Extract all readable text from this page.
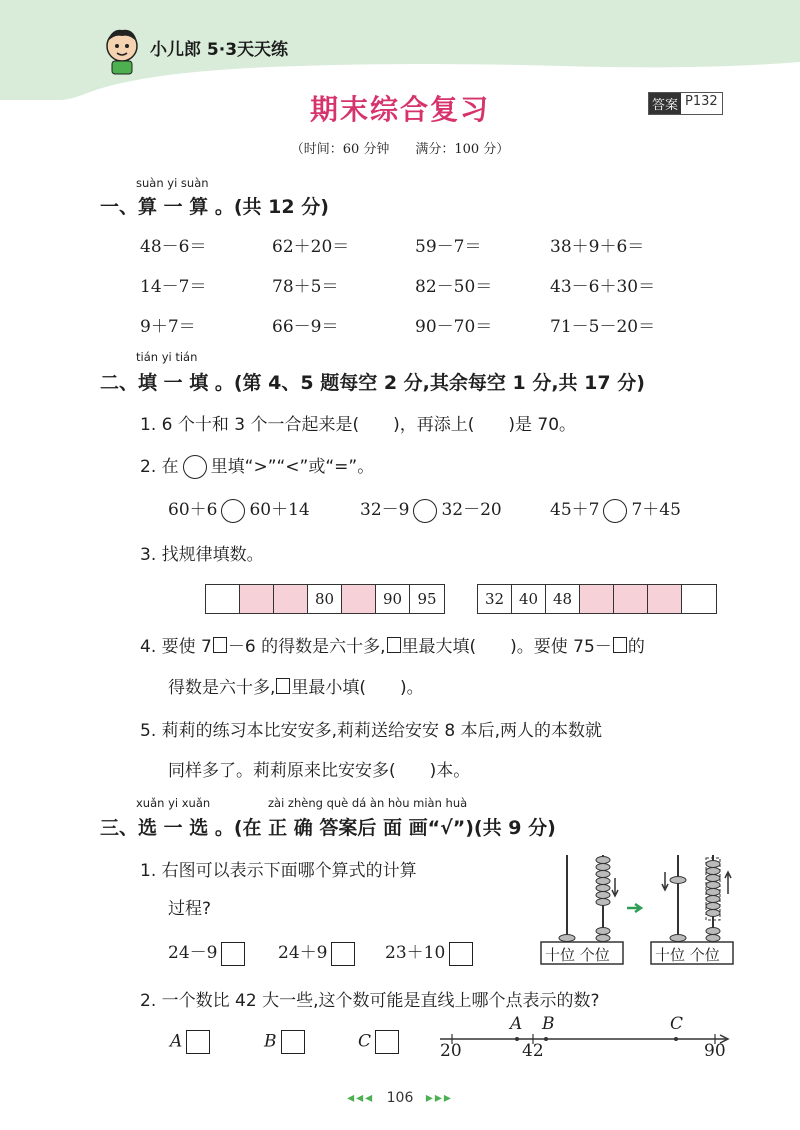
小儿郎 5·3天天练
期末综合复习	答案 P132
（时间：60 分钟　　满分：100 分）
suàn yi suàn
一、算 一 算 。(共 12 分)
48－6＝	62＋20＝	59－7＝	38＋9＋6＝
14－7＝	78＋5＝	82－50＝	43－6＋30＝
9＋7＝	66－9＝	90－70＝	71－5－20＝
tián yi tián
二、填 一 填 。(第 4、5 题每空 2 分,其余每空 1 分,共 17 分)
1. 6 个十和 3 个一合起来是(　　)，再添上(　　)是 70。
2. 在 里填“>”“<”或“=”。
60＋6 60＋14	32－9 32－20	45＋7 7＋45
3. 找规律填数。
80	90	95	32 40 48
4. 要使 7 －6 的得数是六十多, 里最大填(　　)。要使 75－ 的
得数是六十多, 里最小填(　　)。
5. 莉莉的练习本比安安多,莉莉送给安安 8 本后,两人的本数就
同样多了。莉莉原来比安安多(　　)本。
xuǎn yi xuǎn	zài zhèng què dá àn hòu miàn huà
三、选 一 选 。(在 正 确 答案后 面 画“√”)(共 9 分)
1. 右图可以表示下面哪个算式的计算
过程?
24－9	24＋9	23＋10	十位 个位	十位 个位
2. 一个数比 42 大一些,这个数可能是直线上哪个点表示的数?
A	B	C
A B	C
20	42	90
◂◂◂ 106 ▸▸▸
